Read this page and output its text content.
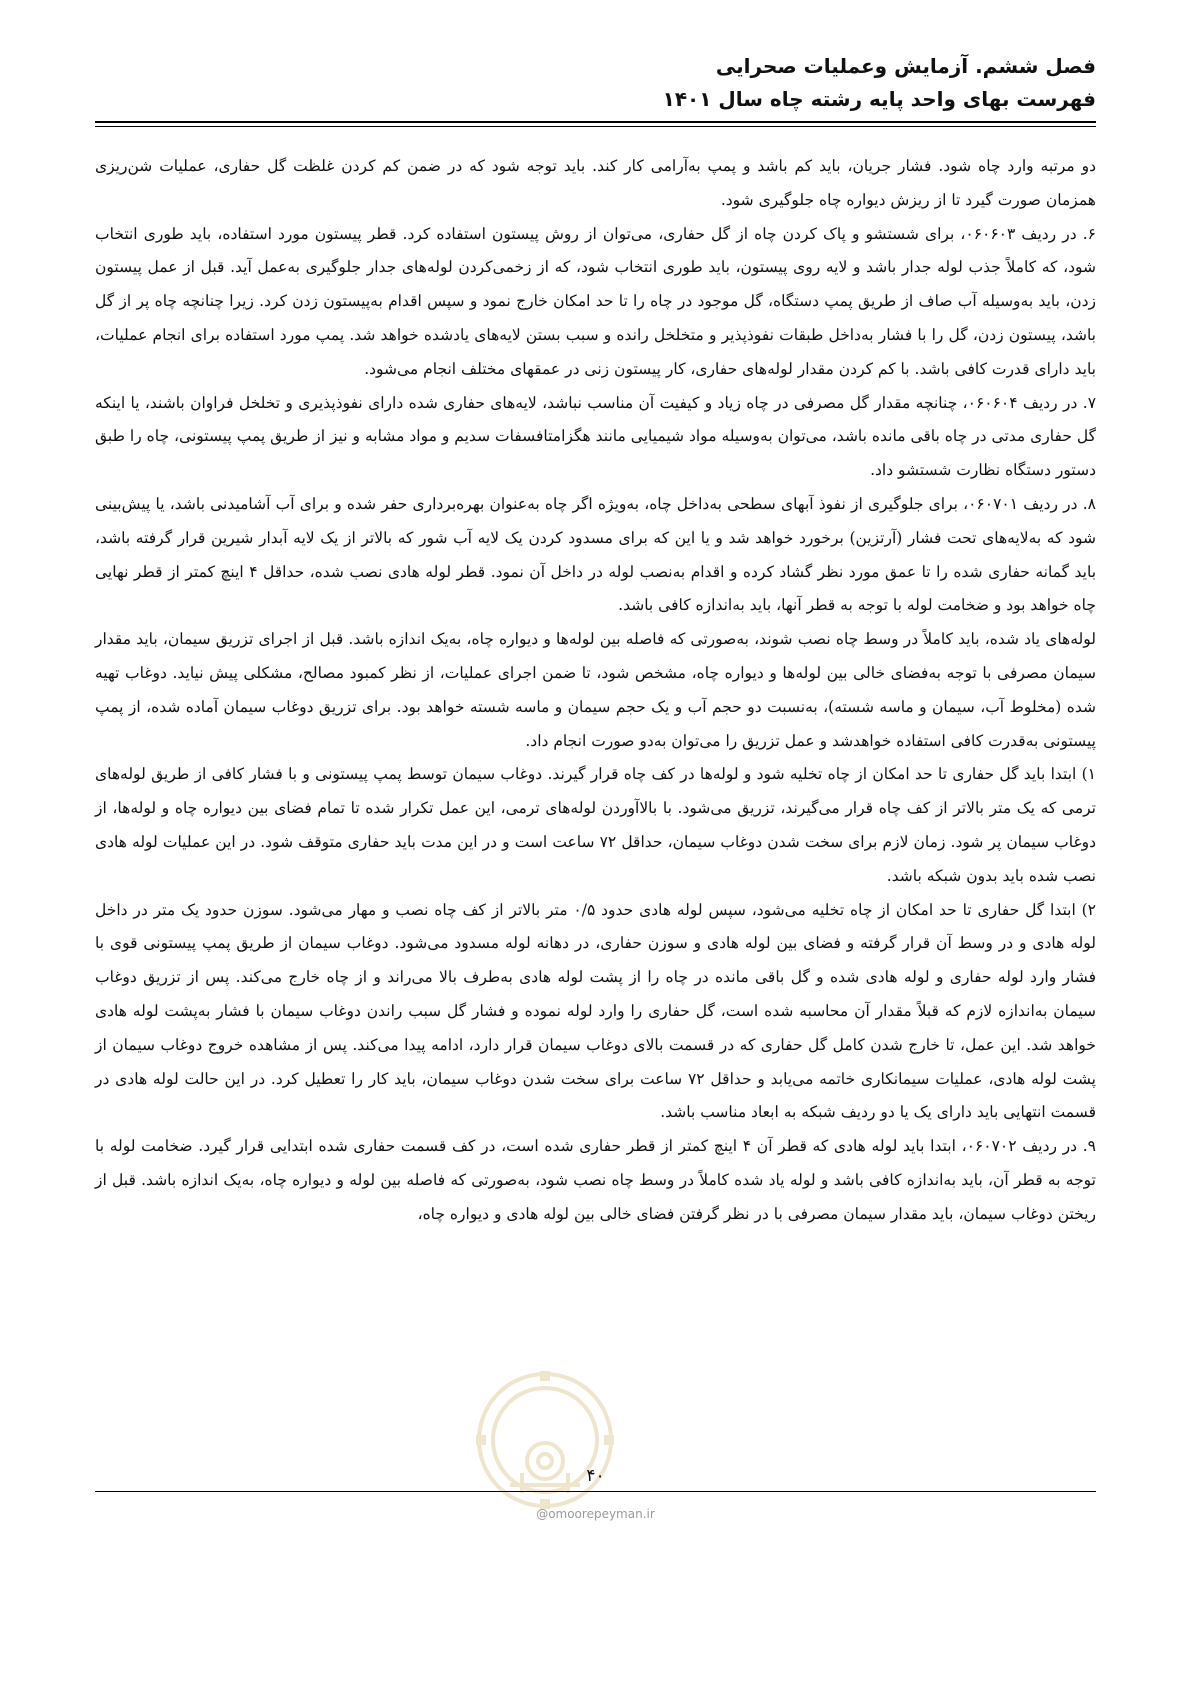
فصل ششم. آزمایش وعملیات صحرایی
فهرست بهای واحد پایه رشته چاه سال ۱۴۰۱

دو مرتبه وارد چاه شود. فشار جریان، باید کم باشد و پمپ به‌آرامی کار کند. باید توجه شود که در ضمن کم کردن غلظت گل حفاری، عملیات شن‌ریزی همزمان صورت گیرد تا از ریزش دیواره چاه جلوگیری شود.

۶. در ردیف ۰۶۰۶۰۳، برای شستشو و پاک کردن چاه از گل حفاری، می‌توان از روش پیستون استفاده کرد. قطر پیستون مورد استفاده، باید طوری انتخاب شود، که کاملاً جذب لوله جدار باشد و لایه روی پیستون، باید طوری انتخاب شود، که از زخمی‌کردن لوله‌های جدار جلوگیری به‌عمل آید. قبل از عمل پیستون زدن، باید به‌وسیله آب صاف از طریق پمپ دستگاه، گل موجود در چاه را تا حد امکان خارج نمود و سپس اقدام به‌پیستون زدن کرد. زیرا چنانچه چاه پر از گل باشد، پیستون زدن، گل را با فشار به‌داخل طبقات نفوذپذیر و متخلخل رانده و سبب بستن لایه‌های یادشده خواهد شد. پمپ مورد استفاده برای انجام عملیات، باید دارای قدرت کافی باشد. با کم کردن مقدار لوله‌های حفاری، کار پیستون زنی در عمقهای مختلف انجام می‌شود.

۷. در ردیف ۰۶۰۶۰۴، چنانچه مقدار گل مصرفی در چاه زیاد و کیفیت آن مناسب نباشد، لایه‌های حفاری شده دارای نفوذپذیری و تخلخل فراوان باشند، یا اینکه گل حفاری مدتی در چاه باقی مانده باشد، می‌توان به‌وسیله مواد شیمیایی مانند هگزامتافسفات سدیم و مواد مشابه و نیز از طریق پمپ پیستونی، چاه را طبق دستور دستگاه نظارت شستشو داد.

۸. در ردیف ۰۶۰۷۰۱، برای جلوگیری از نفوذ آبهای سطحی به‌داخل چاه، به‌ویژه اگر چاه به‌عنوان بهره‌برداری حفر شده و برای آب آشامیدنی باشد، یا پیش‌بینی شود که به‌لایه‌های تحت فشار (آرتزین) برخورد خواهد شد و یا این که برای مسدود کردن یک لایه آب شور که بالاتر از یک لایه آبدار شیرین قرار گرفته باشد، باید گمانه حفاری شده را تا عمق مورد نظر گشاد کرده و اقدام به‌نصب لوله در داخل آن نمود. قطر لوله هادی نصب شده، حداقل ۴ اینچ کمتر از قطر نهایی چاه خواهد بود و ضخامت لوله با توجه به قطر آنها، باید به‌اندازه کافی باشد.

لوله‌های یاد شده، باید کاملاً در وسط چاه نصب شوند، به‌صورتی که فاصله بین لوله‌ها و دیواره چاه، به‌یک اندازه باشد. قبل از اجرای تزریق سیمان، باید مقدار سیمان مصرفی با توجه به‌فضای خالی بین لوله‌ها و دیواره چاه، مشخص شود، تا ضمن اجرای عملیات، از نظر کمبود مصالح، مشکلی پیش نیاید. دوغاب تهیه شده (مخلوط آب، سیمان و ماسه شسته)، به‌نسبت دو حجم آب و یک حجم سیمان و ماسه شسته خواهد بود. برای تزریق دوغاب سیمان آماده شده، از پمپ پیستونی به‌قدرت کافی استفاده خواهدشد و عمل تزریق را می‌توان به‌دو صورت انجام داد.

۱) ابتدا باید گل حفاری تا حد امکان از چاه تخلیه شود و لوله‌ها در کف چاه قرار گیرند. دوغاب سیمان توسط پمپ پیستونی و با فشار کافی از طریق لوله‌های ترمی که یک متر بالاتر از کف چاه قرار می‌گیرند، تزریق می‌شود. با بالاآوردن لوله‌های ترمی، این عمل تکرار شده تا تمام فضای بین دیواره چاه و لوله‌ها، از دوغاب سیمان پر شود. زمان لازم برای سخت شدن دوغاب سیمان، حداقل ۷۲ ساعت است و در این مدت باید حفاری متوقف شود. در این عملیات لوله هادی نصب شده باید بدون شبکه باشد.

۲) ابتدا گل حفاری تا حد امکان از چاه تخلیه می‌شود، سپس لوله هادی حدود ۰/۵ متر بالاتر از کف چاه نصب و مهار می‌شود. سوزن حدود یک متر در داخل لوله هادی و در وسط آن قرار گرفته و فضای بین لوله هادی و سوزن حفاری، در دهانه لوله مسدود می‌شود. دوغاب سیمان از طریق پمپ پیستونی قوی با فشار وارد لوله حفاری و لوله هادی شده و گل باقی مانده در چاه را از پشت لوله هادی به‌طرف بالا می‌راند و از چاه خارج می‌کند. پس از تزریق دوغاب سیمان به‌اندازه لازم که قبلاً مقدار آن محاسبه شده است، گل حفاری را وارد لوله نموده و فشار گل سبب راندن دوغاب سیمان با فشار به‌پشت لوله هادی خواهد شد. این عمل، تا خارج شدن کامل گل حفاری که در قسمت بالای دوغاب سیمان قرار دارد، ادامه پیدا می‌کند. پس از مشاهده خروج دوغاب سیمان از پشت لوله هادی، عملیات سیمانکاری خاتمه می‌یابد و حداقل ۷۲ ساعت برای سخت شدن دوغاب سیمان، باید کار را تعطیل کرد. در این حالت لوله هادی در قسمت انتهایی باید دارای یک یا دو ردیف شبکه به ابعاد مناسب باشد.

۹. در ردیف ۰۶۰۷۰۲، ابتدا باید لوله هادی که قطر آن ۴ اینچ کمتر از قطر حفاری شده است، در کف قسمت حفاری شده ابتدایی قرار گیرد. ضخامت لوله با توجه به قطر آن، باید به‌اندازه کافی باشد و لوله یاد شده کاملاً در وسط چاه نصب شود، به‌صورتی که فاصله بین لوله و دیواره چاه، به‌یک اندازه باشد. قبل از ریختن دوغاب سیمان، باید مقدار سیمان مصرفی با در نظر گرفتن فضای خالی بین لوله هادی و دیواره چاه،

۴۰
@omoorepeyman.ir
